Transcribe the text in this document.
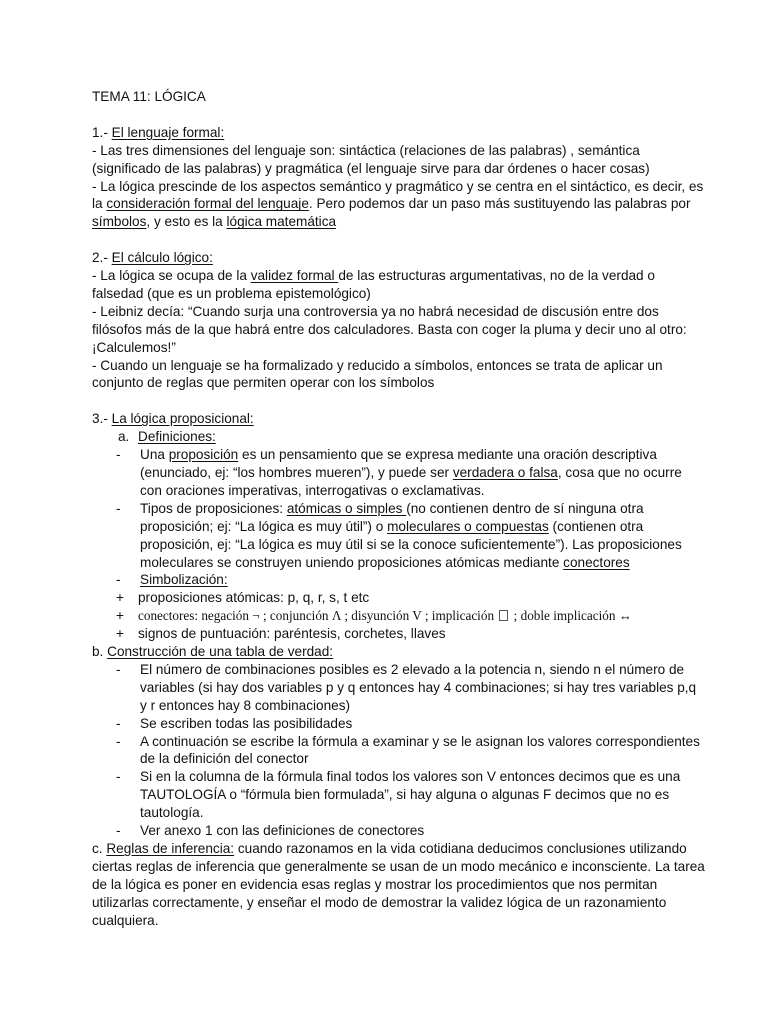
TEMA 11: LÓGICA

1.- El lenguaje formal:

- Las tres dimensiones del lenguaje son: sintáctica (relaciones de las palabras) , semántica (significado de las palabras) y pragmática (el lenguaje sirve para dar órdenes o hacer cosas)

- La lógica prescinde de los aspectos semántico y pragmático y se centra en el sintáctico, es decir, es la consideración formal del lenguaje. Pero podemos dar un paso más sustituyendo las palabras por símbolos, y esto es la lógica matemática

2.- El cálculo lógico:

- La lógica se ocupa de la validez formal de las estructuras argumentativas, no de la verdad o falsedad (que es un problema epistemológico)

- Leibniz decía: “Cuando surja una controversia ya no habrá necesidad de discusión entre dos filósofos más de la que habrá entre dos calculadores. Basta con coger la pluma y decir uno al otro:¡Calculemos!”

- Cuando un lenguaje se ha formalizado y reducido a símbolos, entonces se trata de aplicar un conjunto de reglas que permiten operar con los símbolos

3.- La lógica proposicional:

a. Definiciones:
-	Una proposición es un pensamiento que se expresa mediante una oración descriptiva (enunciado, ej: “los hombres mueren”), y puede ser verdadera o falsa, cosa que no ocurre con oraciones imperativas, interrogativas o exclamativas.
-	Tipos de proposiciones: atómicas o simples (no contienen dentro de sí ninguna otra proposición; ej: “La lógica es muy útil”) o moleculares o compuestas (contienen otra proposición, ej: “La lógica es muy útil si se la conoce suficientemente”). Las proposiciones moleculares se construyen uniendo proposiciones atómicas mediante conectores
-	Simbolización:
+	proposiciones atómicas: p, q, r, s, t etc
+	conectores: negación ¬ ; conjunción Λ ; disyunción V ; implicación  ; doble implicación ↔
+	signos de puntuación: paréntesis, corchetes, llaves

b. Construcción de una tabla de verdad:

-	El número de combinaciones posibles es 2 elevado a la potencia n, siendo n el número de variables (si hay dos variables p y q entonces hay 4 combinaciones; si hay tres variables p,q y r entonces hay 8 combinaciones)
-	Se escriben todas las posibilidades
-	A continuación se escribe la fórmula a examinar y se le asignan los valores correspondientes de la definición del conector
-	Si en la columna de la fórmula final todos los valores son V entonces decimos que es una TAUTOLOGÍA o “fórmula bien formulada”, si hay alguna o algunas F decimos que no es tautología.
-	Ver anexo 1 con las definiciones de conectores

c. Reglas de inferencia: cuando razonamos en la vida cotidiana deducimos conclusiones utilizando ciertas reglas de inferencia que generalmente se usan de un modo mecánico e inconsciente. La tarea de la lógica es poner en evidencia esas reglas y mostrar los procedimientos que nos permitan utilizarlas correctamente, y enseñar el modo de demostrar la validez lógica de un razonamiento cualquiera.
